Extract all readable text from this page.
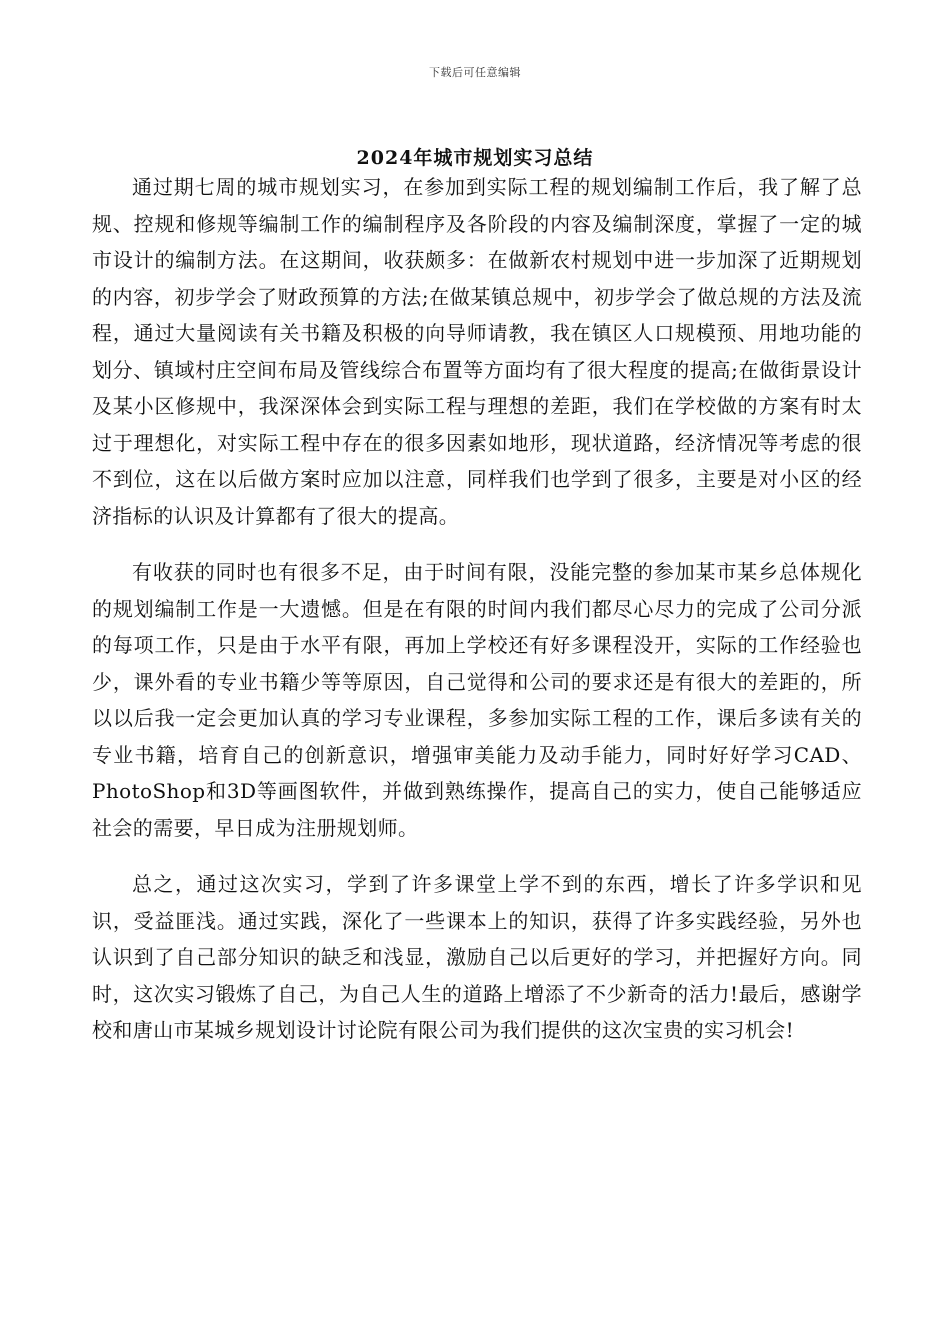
下载后可任意编辑
2024年城市规划实习总结

通过期七周的城市规划实习，在参加到实际工程的规划编制工作后，我了解了总规、控规和修规等编制工作的编制程序及各阶段的内容及编制深度，掌握了一定的城市设计的编制方法。在这期间，收获颇多：在做新农村规划中进一步加深了近期规划的内容，初步学会了财政预算的方法;在做某镇总规中，初步学会了做总规的方法及流程，通过大量阅读有关书籍及积极的向导师请教，我在镇区人口规模预、用地功能的划分、镇域村庄空间布局及管线综合布置等方面均有了很大程度的提高;在做街景设计及某小区修规中，我深深体会到实际工程与理想的差距，我们在学校做的方案有时太过于理想化，对实际工程中存在的很多因素如地形，现状道路，经济情况等考虑的很不到位，这在以后做方案时应加以注意，同样我们也学到了很多，主要是对小区的经济指标的认识及计算都有了很大的提高。

有收获的同时也有很多不足，由于时间有限，没能完整的参加某市某乡总体规化的规划编制工作是一大遗憾。但是在有限的时间内我们都尽心尽力的完成了公司分派的每项工作，只是由于水平有限，再加上学校还有好多课程没开，实际的工作经验也少，课外看的专业书籍少等等原因，自己觉得和公司的要求还是有很大的差距的，所以以后我一定会更加认真的学习专业课程，多参加实际工程的工作，课后多读有关的专业书籍，培育自己的创新意识，增强审美能力及动手能力，同时好好学习CAD、PhotoShop和3D等画图软件，并做到熟练操作，提高自己的实力，使自己能够适应社会的需要，早日成为注册规划师。

总之，通过这次实习，学到了许多课堂上学不到的东西，增长了许多学识和见识，受益匪浅。通过实践，深化了一些课本上的知识，获得了许多实践经验，另外也认识到了自己部分知识的缺乏和浅显，激励自己以后更好的学习，并把握好方向。同时，这次实习锻炼了自己，为自己人生的道路上增添了不少新奇的活力!最后，感谢学校和唐山市某城乡规划设计讨论院有限公司为我们提供的这次宝贵的实习机会!
